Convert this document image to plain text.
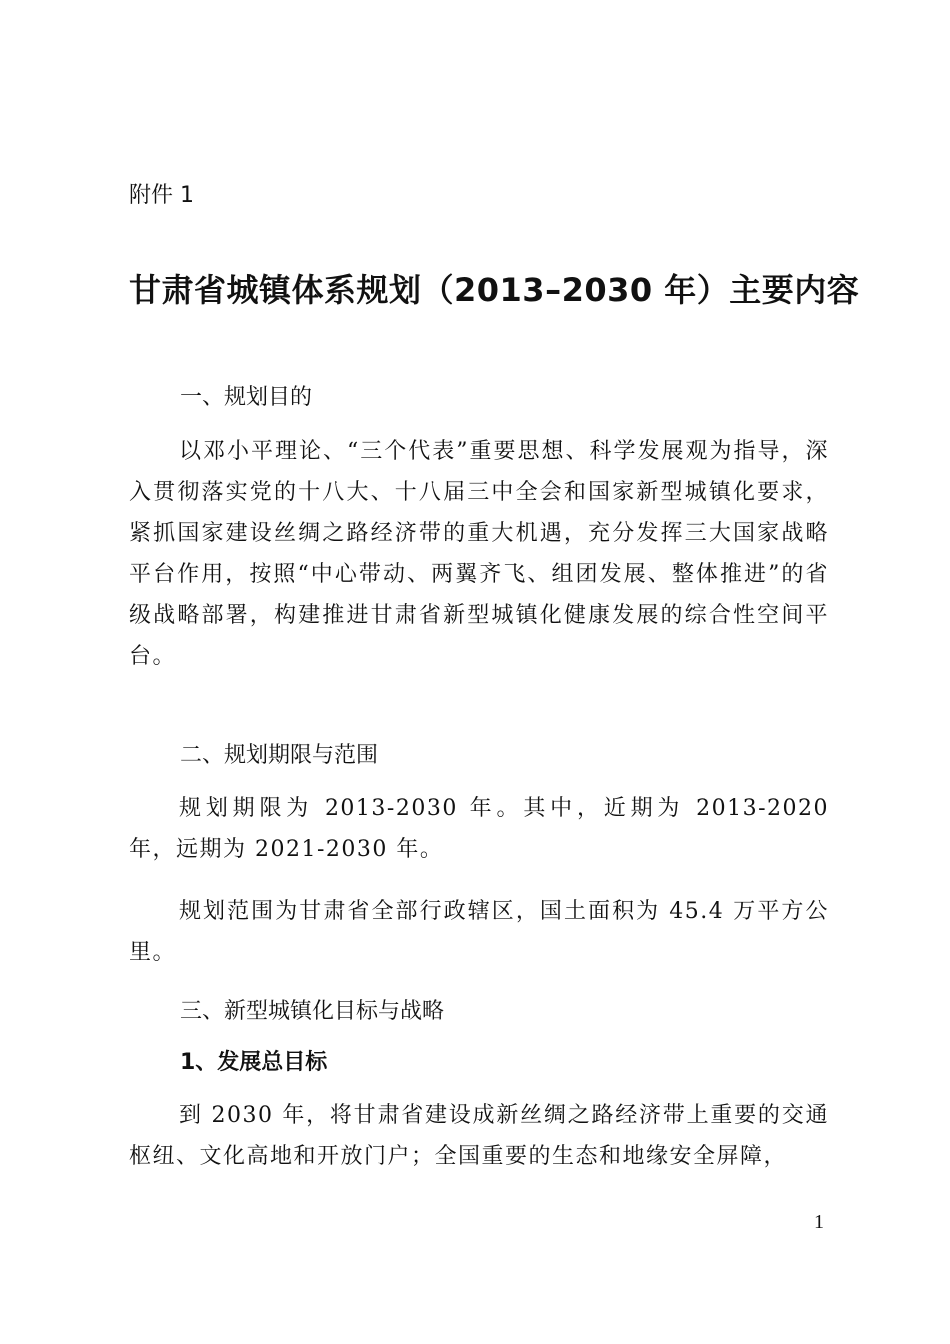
附件 1
甘肃省城镇体系规划（2013–2030 年）主要内容
一、规划目的

以邓小平理论、“三个代表”重要思想、科学发展观为指导，深入贯彻落实党的十八大、十八届三中全会和国家新型城镇化要求，紧抓国家建设丝绸之路经济带的重大机遇，充分发挥三大国家战略平台作用，按照“中心带动、两翼齐飞、组团发展、整体推进”的省级战略部署，构建推进甘肃省新型城镇化健康发展的综合性空间平台。

二、规划期限与范围

规划期限为 2013-2030 年。其中，近期为 2013-2020 年，远期为 2021-2030 年。

规划范围为甘肃省全部行政辖区，国土面积为 45.4 万平方公里。

三、新型城镇化目标与战略
1、发展总目标

到 2030 年，将甘肃省建设成新丝绸之路经济带上重要的交通枢纽、文化高地和开放门户；全国重要的生态和地缘安全屏障，

1
